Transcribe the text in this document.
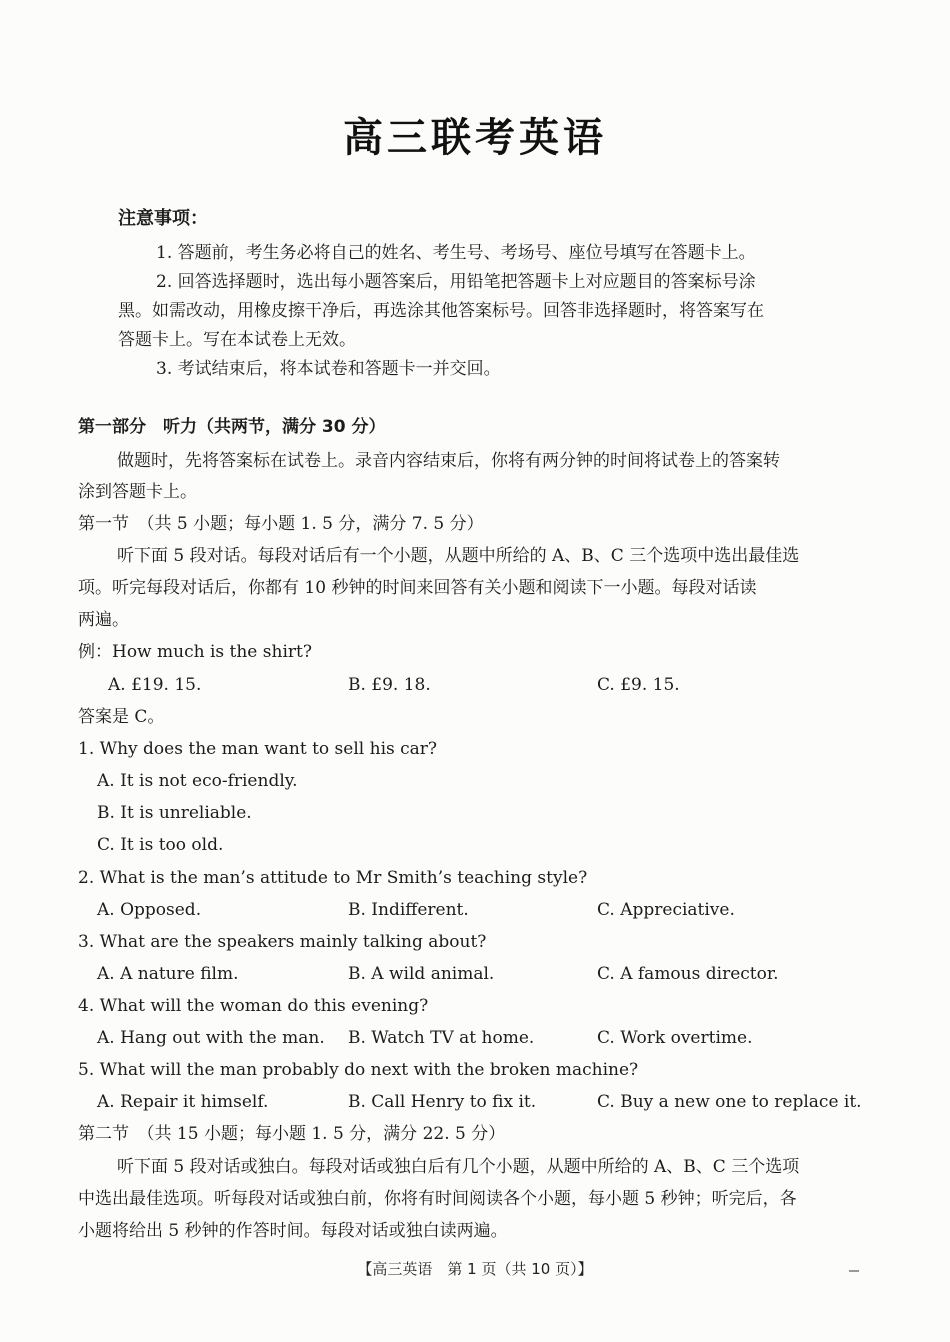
高三联考英语
注意事项：
1. 答题前，考生务必将自己的姓名、考生号、考场号、座位号填写在答题卡上。
2. 回答选择题时，选出每小题答案后，用铅笔把答题卡上对应题目的答案标号涂
黑。如需改动，用橡皮擦干净后，再选涂其他答案标号。回答非选择题时，将答案写在
答题卡上。写在本试卷上无效。
3. 考试结束后，将本试卷和答题卡一并交回。
第一部分　听力（共两节，满分 30 分）
做题时，先将答案标在试卷上。录音内容结束后，你将有两分钟的时间将试卷上的答案转
涂到答题卡上。
第一节　（共 5 小题；每小题 1. 5 分，满分 7. 5 分）
听下面 5 段对话。每段对话后有一个小题，从题中所给的 A、B、C 三个选项中选出最佳选
项。听完每段对话后，你都有 10 秒钟的时间来回答有关小题和阅读下一小题。每段对话读
两遍。
例：How much is the shirt?
A. £19. 15.	B. £9. 18.	C. £9. 15.
答案是 C。
1. Why does the man want to sell his car?
A. It is not eco-friendly.
B. It is unreliable.
C. It is too old.
2. What is the man’s attitude to Mr Smith’s teaching style?
A. Opposed.	B. Indifferent.	C. Appreciative.
3. What are the speakers mainly talking about?
A. A nature film.	B. A wild animal.	C. A famous director.
4. What will the woman do this evening?
A. Hang out with the man. B. Watch TV at home.	C. Work overtime.
5. What will the man probably do next with the broken machine?
A. Repair it himself.	B. Call Henry to fix it.	C. Buy a new one to replace it.
第二节　（共 15 小题；每小题 1. 5 分，满分 22. 5 分）
听下面 5 段对话或独白。每段对话或独白后有几个小题，从题中所给的 A、B、C 三个选项
中选出最佳选项。听每段对话或独白前，你将有时间阅读各个小题，每小题 5 秒钟；听完后，各
小题将给出 5 秒钟的作答时间。每段对话或独白读两遍。
【高三英语　第 1 页（共 10 页）】
